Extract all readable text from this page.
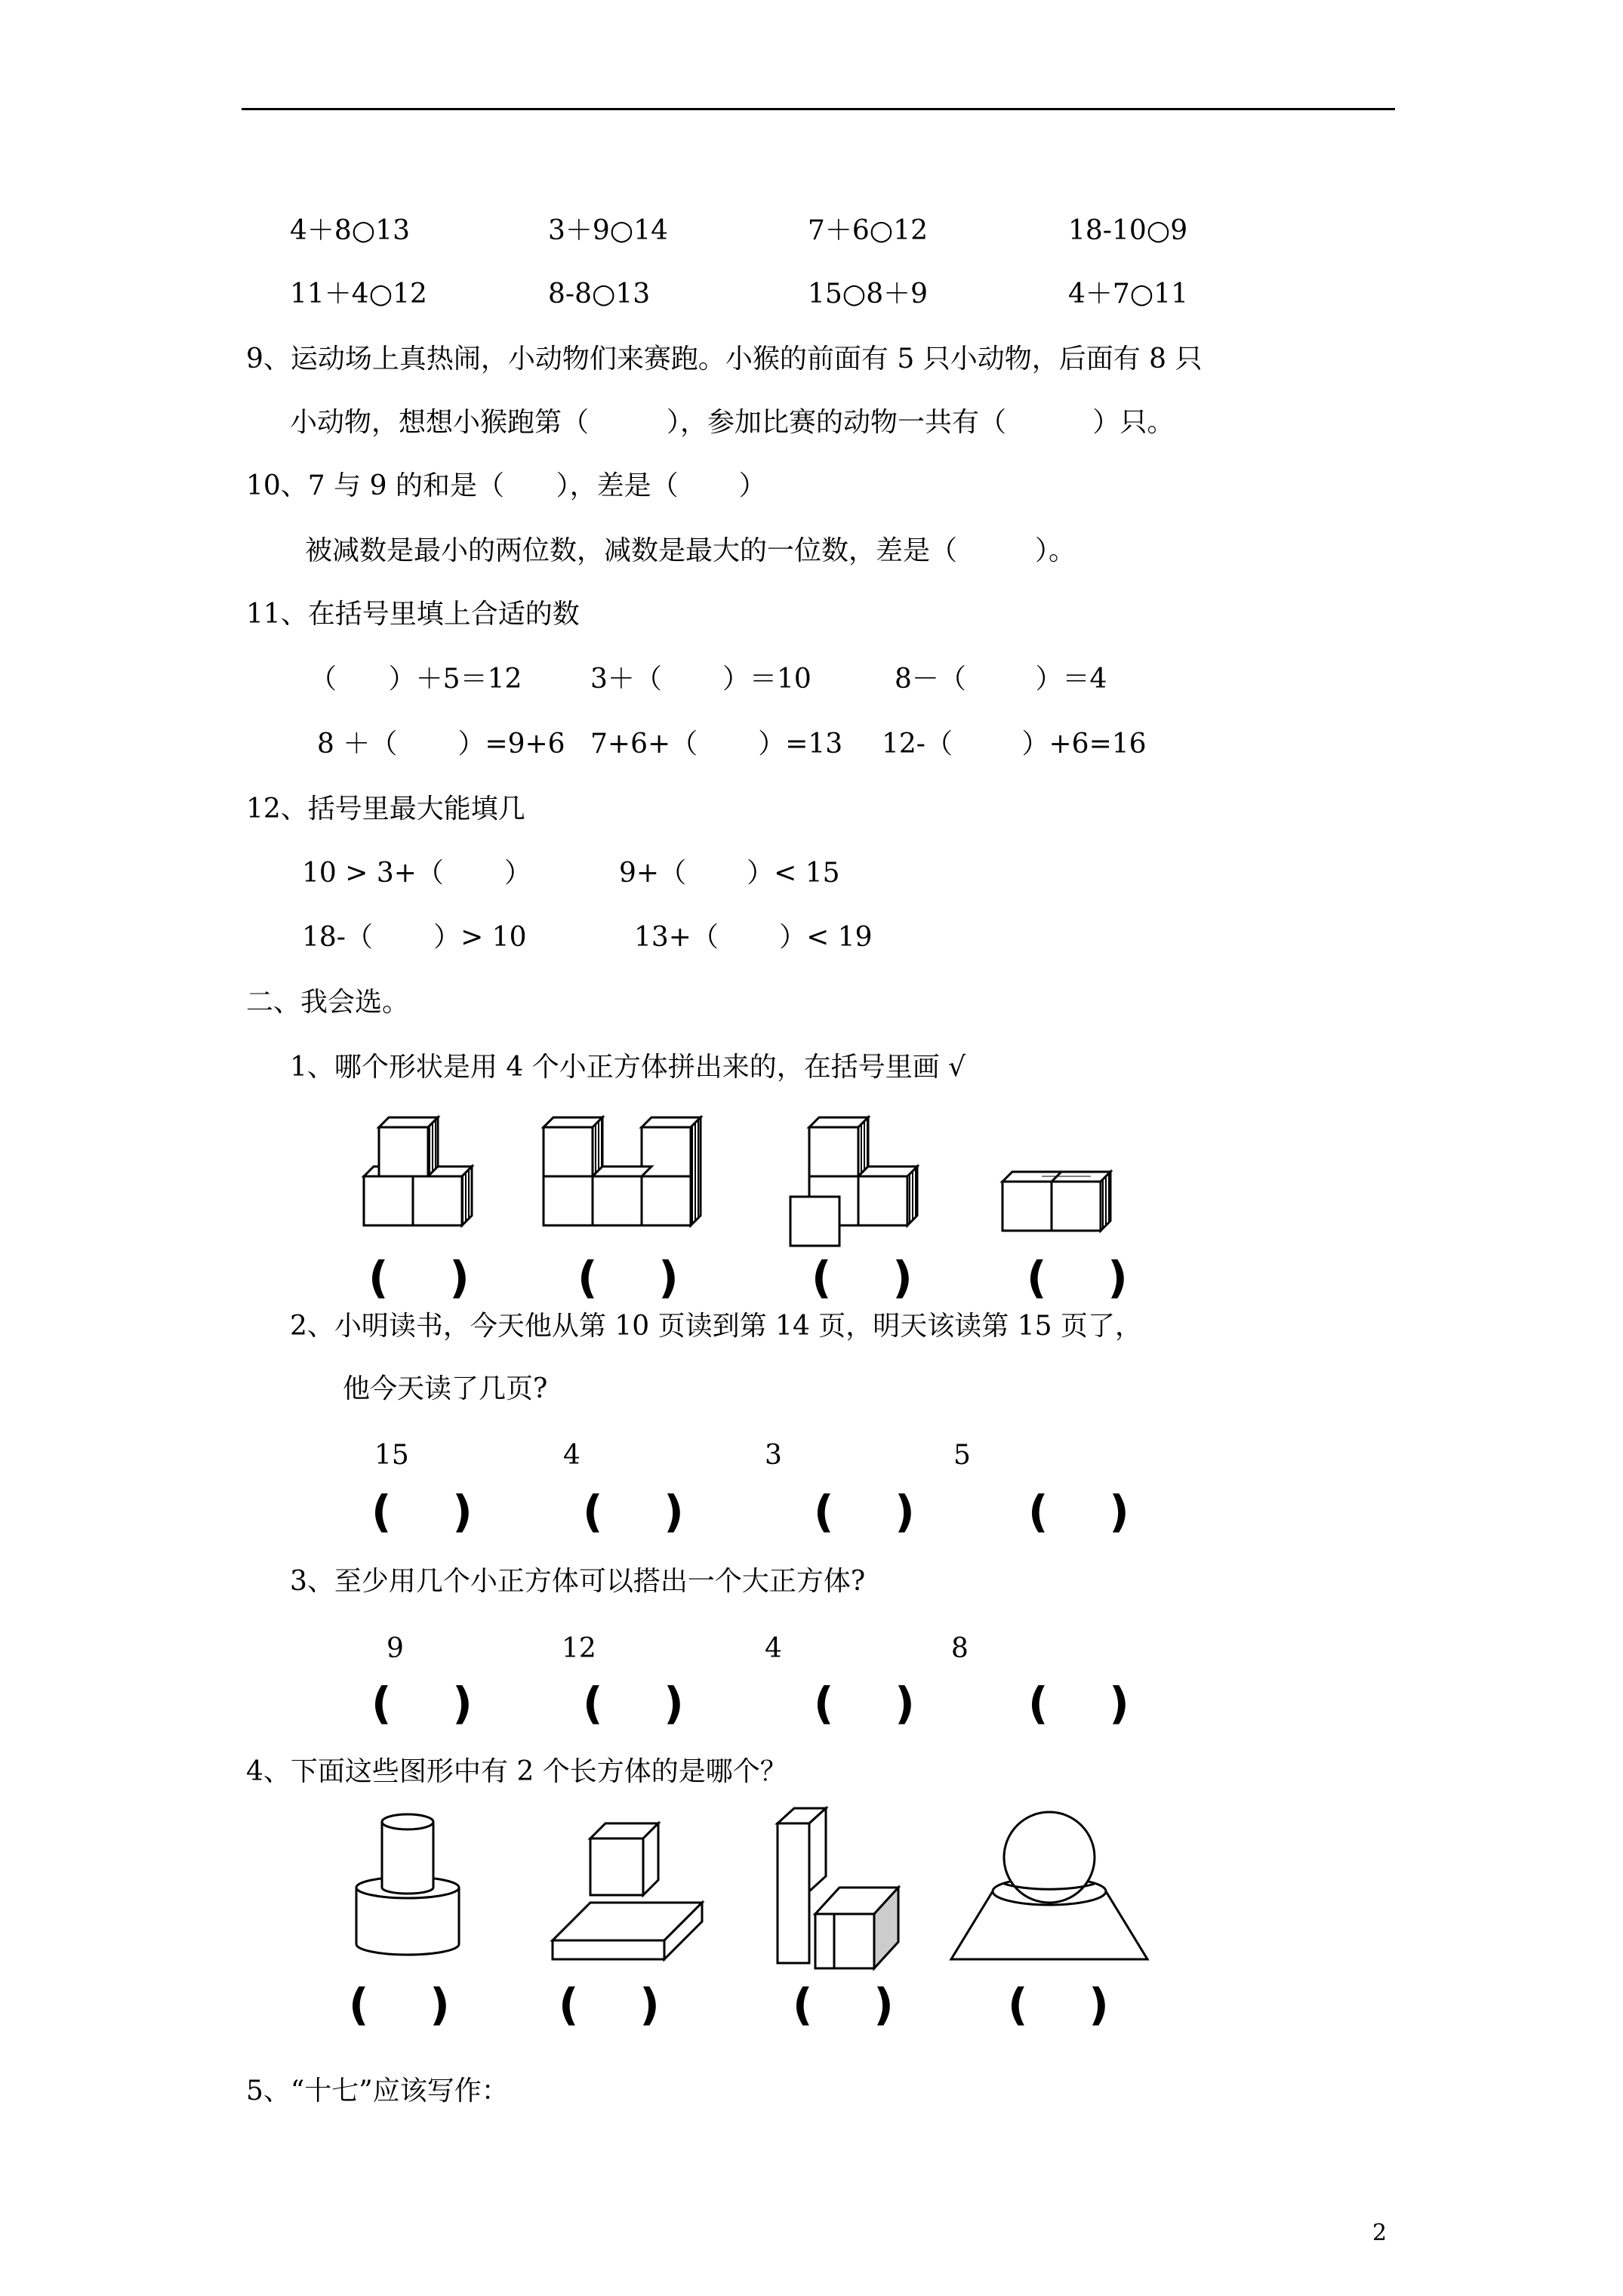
4＋8○13	3＋9○14	7＋6○12	18-10○9
11＋4○12	8-8○13	15○8＋9	4＋7○11
9、运动场上真热闹，小动物们来赛跑。小猴的前面有 5 只小动物，后面有 8 只
小动物，想想小猴跑第（         ），参加比赛的动物一共有（          ）只。
10、7 与 9 的和是（      ），差是（       ）
被减数是最小的两位数，减数是最大的一位数，差是（         ）。
11、在括号里填上合适的数
（      ）＋5＝12	3＋（       ）＝10	8－（        ）＝4
8 ＋（       ）=9+6 7+6+（       ）=13 12-（        ）+6=16
12、括号里最大能填几
10 > 3+（       ）	9+（       ）< 15
18-（       ）> 10	13+（       ）< 19
二、我会选。
1、哪个形状是用 4 个小正方体拼出来的，在括号里画 √
(    ) (    )	(    )	(    )
2、小明读书，今天他从第 10 页读到第 14 页，明天该读第 15 页了，
他今天读了几页?
15	4	3	5
(    )	(    )	(    )	(    )
3、至少用几个小正方体可以搭出一个大正方体?
9	12	4	8
(    )	(    )	(    )	(    )
4、下面这些图形中有 2 个长方体的是哪个？
(    ) (    )	(    )	(    )
5、“十七”应该写作：
2
